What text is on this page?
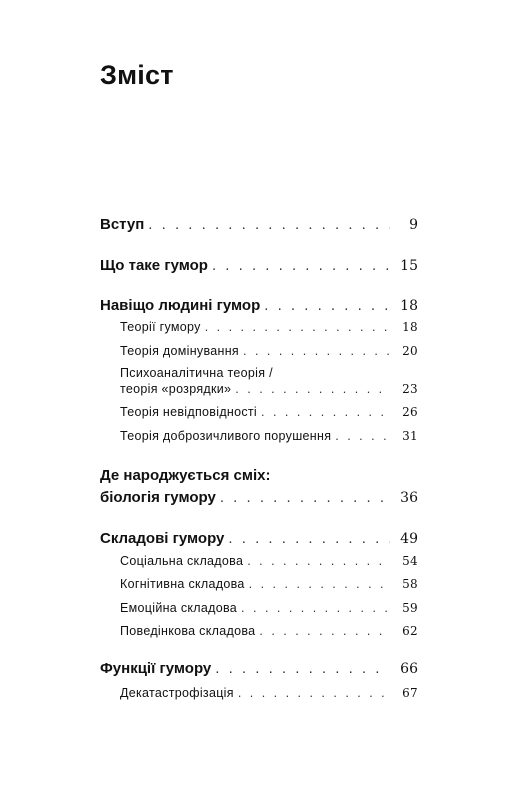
Зміст
Вступ . . .	9
Що таке гумор . . .	15
Навіщо людині гумор . . .	18
Теорії гумору . . .	18
Теорія домінування . . .	20
Психоаналітична теорія /
теорія «розрядки» . . .	23
Теорія невідповідності . . .	26
Теорія доброзичливого порушення . . .	31
Де народжується сміх:
біологія гумору . . .	36
Складові гумору . . .	49
Соціальна складова . . .	54
Когнітивна складова . . .	58
Емоційна складова . . .	59
Поведінкова складова . . .	62
Функції гумору . . .	66
Декатастрофізація . . .	67
